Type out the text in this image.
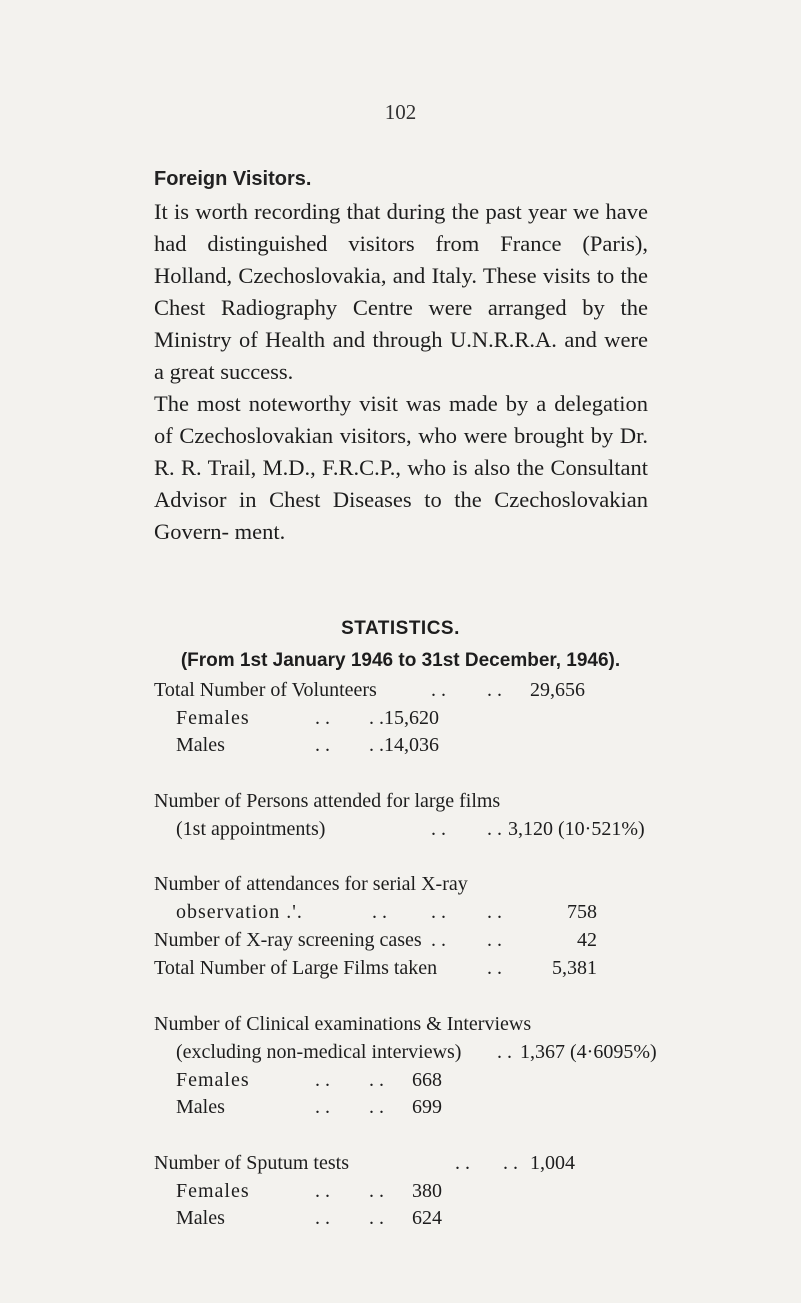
102
Foreign Visitors.

It is worth recording that during the past year we have had distinguished visitors from France (Paris), Holland, Czechoslovakia, and Italy. These visits to the Chest Radiography Centre were arranged by the Ministry of Health and through U.N.R.R.A. and were a great success.

The most noteworthy visit was made by a delegation of Czechoslovakian visitors, who were brought by Dr. R. R. Trail, M.D., F.R.C.P., who is also the Consultant Advisor in Chest Diseases to the Czechoslovakian Govern- ment.

STATISTICS.
(From 1st January 1946 to 31st December, 1946).
Total Number of Volunteers	. . . . 29,656
Females	. . . . 15,620
Males	. . . . 14,036
Number of Persons attended for large films
(1st appointments)	. . . . 3,120 (10·521%)
Number of attendances for serial X-ray
observation .'.	. . . . . .	758
Number of X-ray screening cases . . . .	42
Total Number of Large Films taken . .	5,381
Number of Clinical examinations & Interviews
(excluding non-medical interviews) . . 1,367 (4·6095%)
Females	. . . . 668
Males	. . . . 699
Number of Sputum tests	. . . . 1,004
Females	. . . . 380
Males	. . . . 624
